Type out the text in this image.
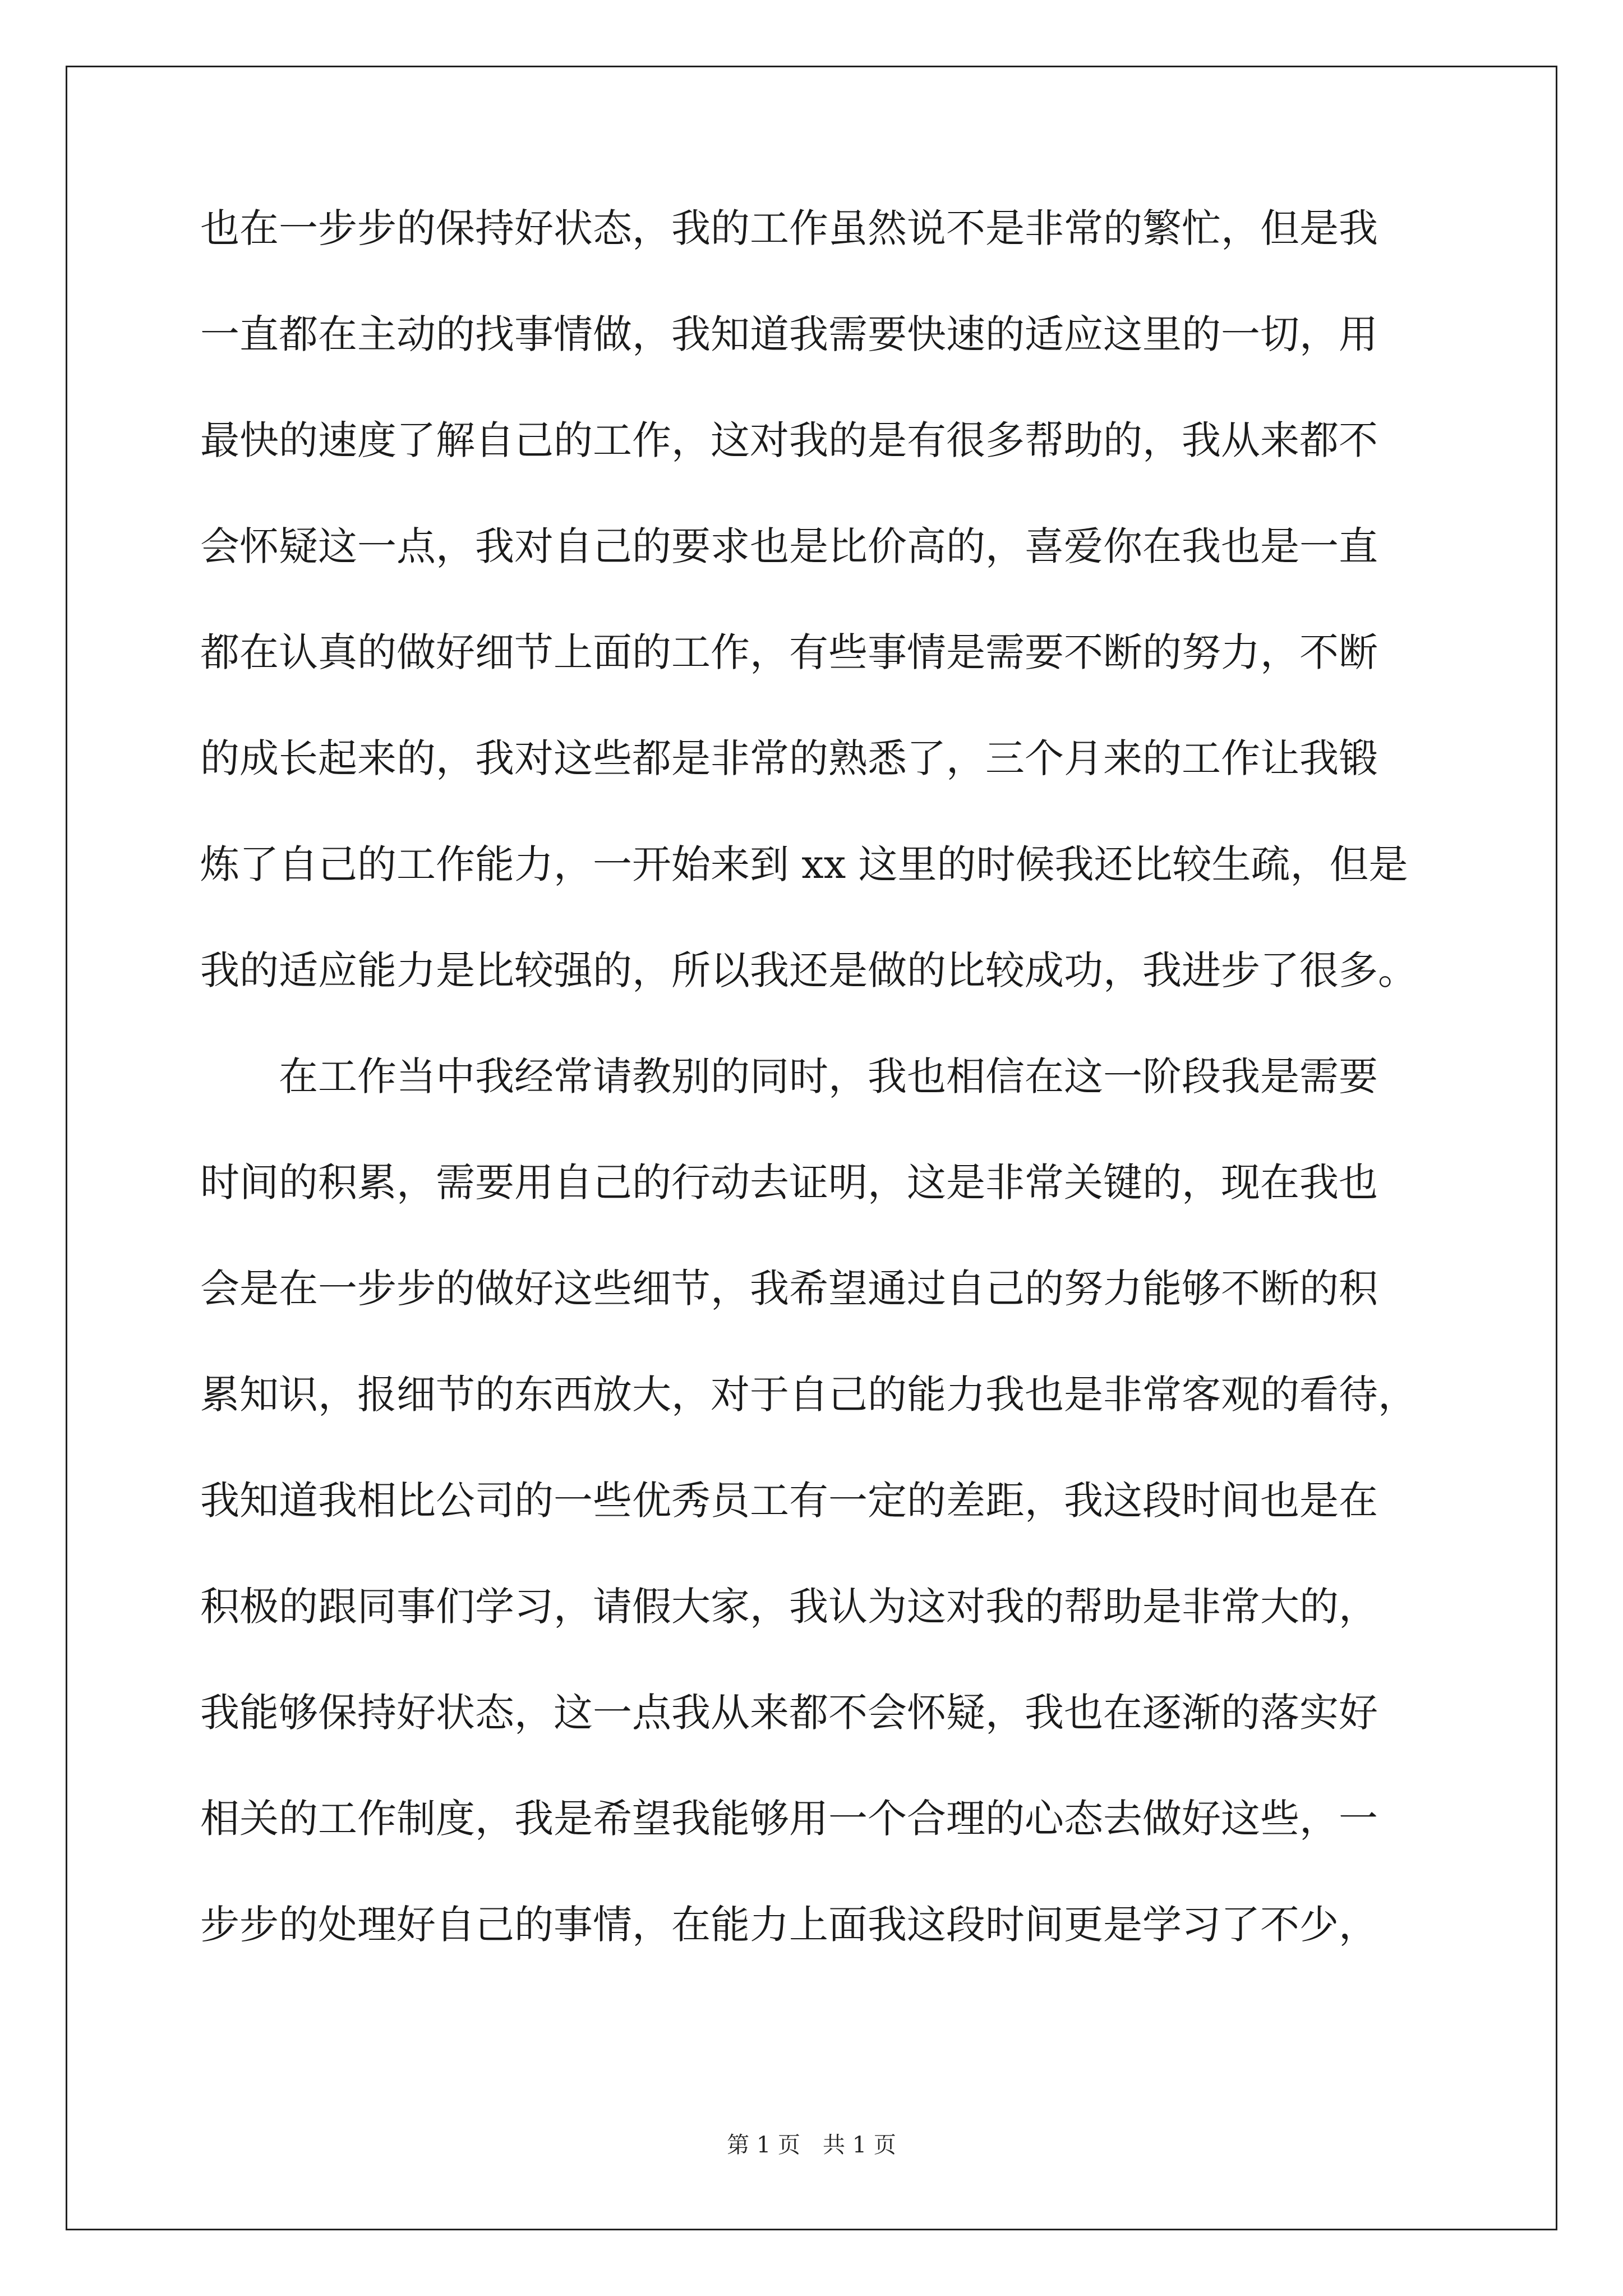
也在一步步的保持好状态，我的工作虽然说不是非常的繁忙，但是我
一直都在主动的找事情做，我知道我需要快速的适应这里的一切，用
最快的速度了解自己的工作，这对我的是有很多帮助的，我从来都不
会怀疑这一点，我对自己的要求也是比价高的，喜爱你在我也是一直
都在认真的做好细节上面的工作，有些事情是需要不断的努力，不断
的成长起来的，我对这些都是非常的熟悉了，三个月来的工作让我锻
炼了自己的工作能力，一开始来到 xx 这里的时候我还比较生疏，但是
我的适应能力是比较强的，所以我还是做的比较成功，我进步了很多。
在工作当中我经常请教别的同时，我也相信在这一阶段我是需要
时间的积累，需要用自己的行动去证明，这是非常关键的，现在我也
会是在一步步的做好这些细节，我希望通过自己的努力能够不断的积
累知识，报细节的东西放大，对于自己的能力我也是非常客观的看待，
我知道我相比公司的一些优秀员工有一定的差距，我这段时间也是在
积极的跟同事们学习，请假大家，我认为这对我的帮助是非常大的，
我能够保持好状态，这一点我从来都不会怀疑，我也在逐渐的落实好
相关的工作制度，我是希望我能够用一个合理的心态去做好这些，一
步步的处理好自己的事情，在能力上面我这段时间更是学习了不少，
第 1 页　共 1 页
